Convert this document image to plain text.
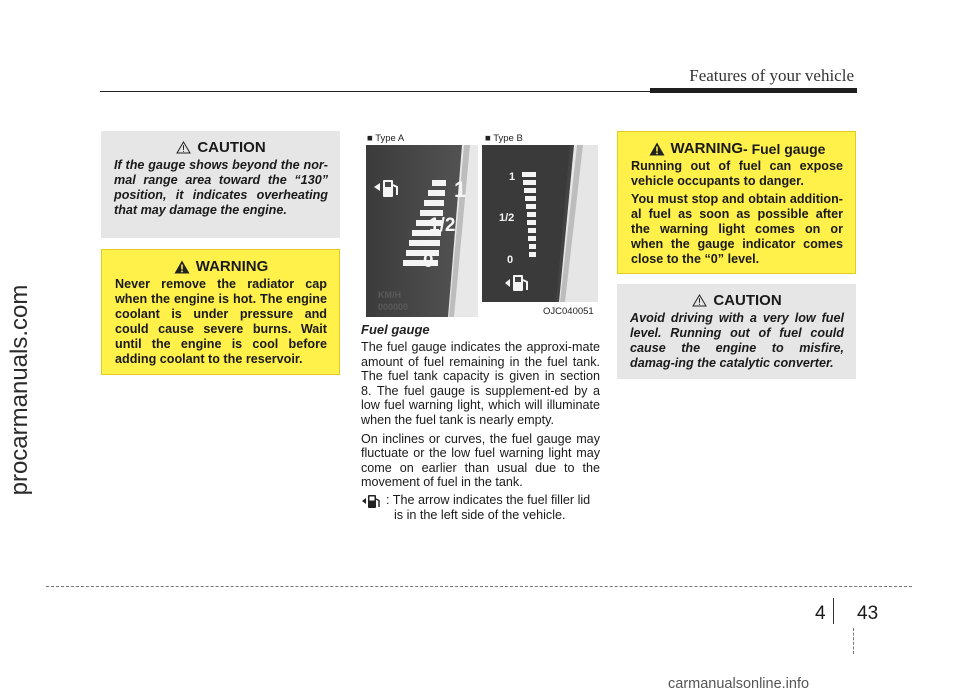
Features of your vehicle
procarmanuals.com
CAUTION
If the gauge shows beyond the nor-mal range area toward the “130” position, it indicates overheating that may damage the engine.
WARNING
Never remove the radiator cap when the engine is hot. The engine coolant is under pressure and could cause severe burns. Wait until the engine is cool before adding coolant to the reservoir.
■ Type A	■ Type B
KM/H
000000
1
1/2
0
1
1/2
0
OJC040051
Fuel gauge

The fuel gauge indicates the approxi-mate amount of fuel remaining in the fuel tank. The fuel tank capacity is given in section 8. The fuel gauge is supplement-ed by a low fuel warning light, which will illuminate when the fuel tank is nearly empty.

On inclines or curves, the fuel gauge may fluctuate or the low fuel warning light may come on earlier than usual due to the movement of fuel in the tank.

: The arrow indicates the fuel filler lid is in the left side of the vehicle.

WARNING - Fuel gauge

Running out of fuel can expose vehicle occupants to danger.

You must stop and obtain addition-al fuel as soon as possible after the warning light comes on or when the gauge indicator comes close to the “0” level.

CAUTION
Avoid driving with a very low fuel level. Running out of fuel could cause the engine to misfire, damag-ing the catalytic converter.
4 43
carmanualsonline.info
